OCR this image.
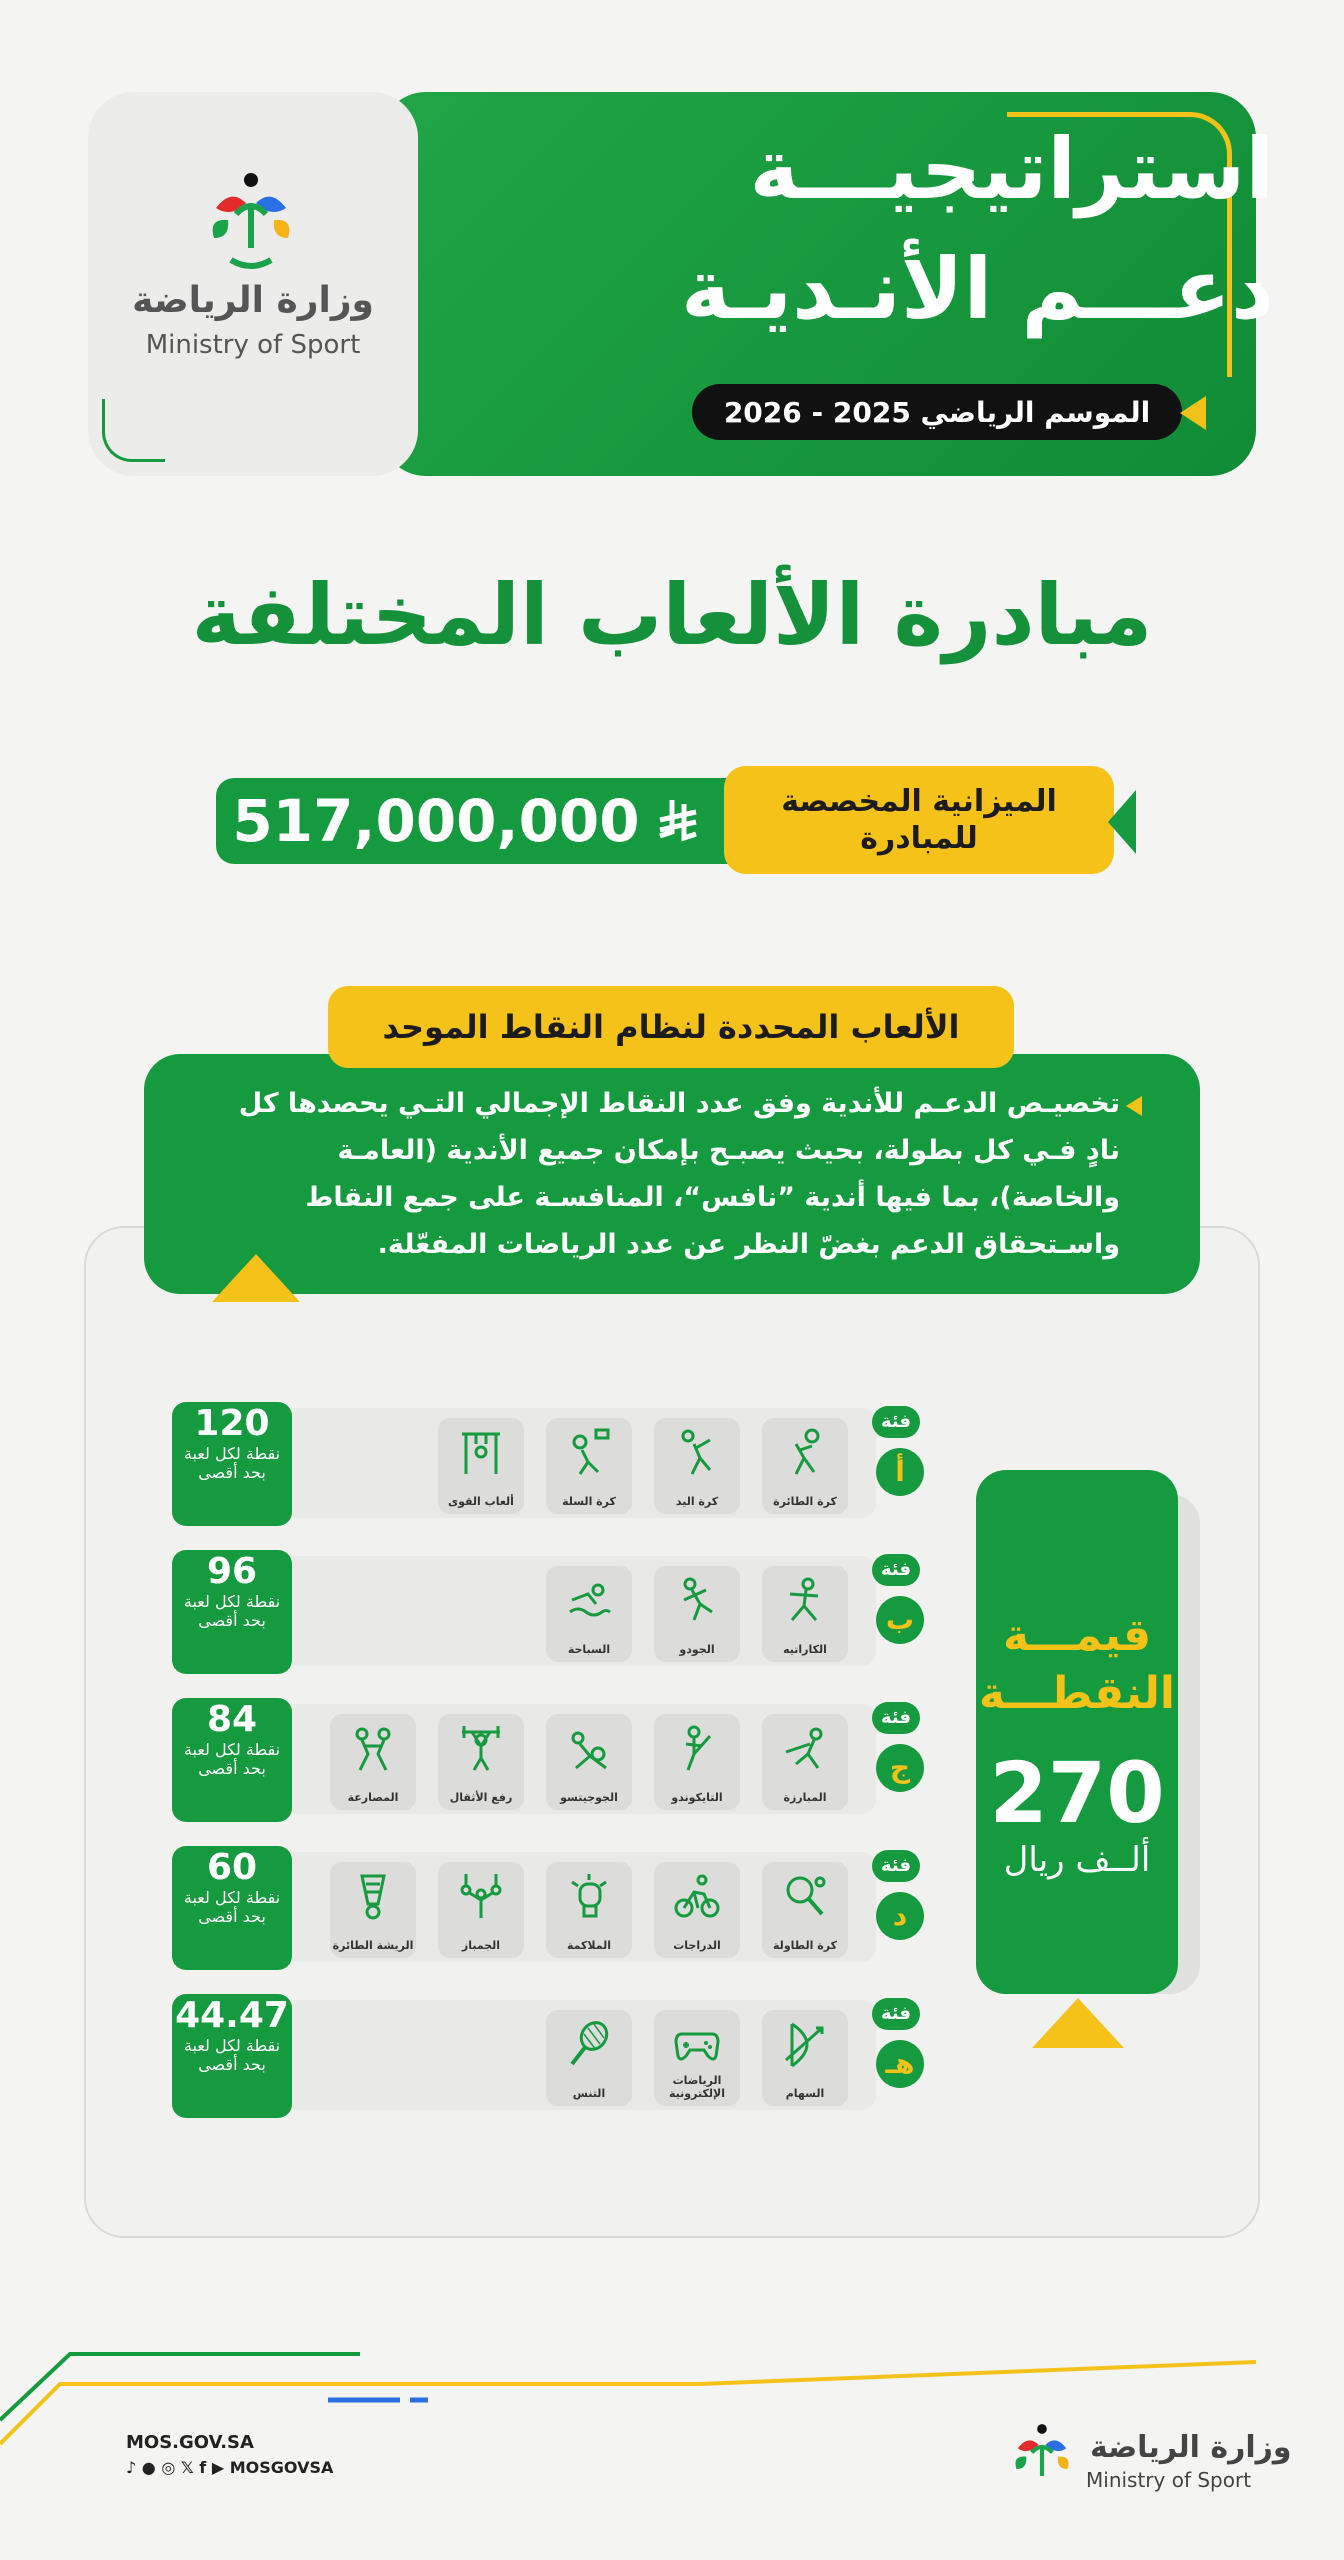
استراتيجيـــة
دعـــم الأنـديـة
الموسم الرياضي 2025 - 2026
وزارة الرياضة
Ministry of Sport
مبادرة الألعاب المختلفة
517,000,000	الميزانية المخصصة للمبادرة
الألعاب المحددة لنظام النقاط الموحد
تخصيـص الدعـم للأندية وفق عدد النقاط الإجمالي التـي يحصدها كل نادٍ فـي كل بطولة، بحيث يصبـح بإمكان جميع الأندية (العامـة والخاصة)، بما فيها أندية ”نافس“، المنافسـة على جمع النقاط واسـتحقاق الدعم بغضّ النظر عن عدد الرياضات المفعّلة.
قيمـــة
النقطـــة
270
ألــف ريال
120
نقطة لكل لعبة بحد أقصى
فئة
أ
كرة الطائرة
كرة اليد
كرة السلة
ألعاب القوى
96
نقطة لكل لعبة بحد أقصى
فئة
ب
الكاراتيه
الجودو
السباحة
84
نقطة لكل لعبة بحد أقصى
فئة
ج
المبارزة
التايكوندو
الجوجيتسو
رفع الأثقال
المصارعة
60
نقطة لكل لعبة بحد أقصى
فئة
د
كرة الطاولة
الدراجات
الملاكمة
الجمباز
الريشة الطائرة
44.47
نقطة لكل لعبة بحد أقصى
فئة
هـ
السهام
الرياضات الإلكترونية
التنس
MOS.GOV.SA
♪ ● ◎ 𝕏 f ▶ MOSGOVSA
وزارة الرياضة
Ministry of Sport
